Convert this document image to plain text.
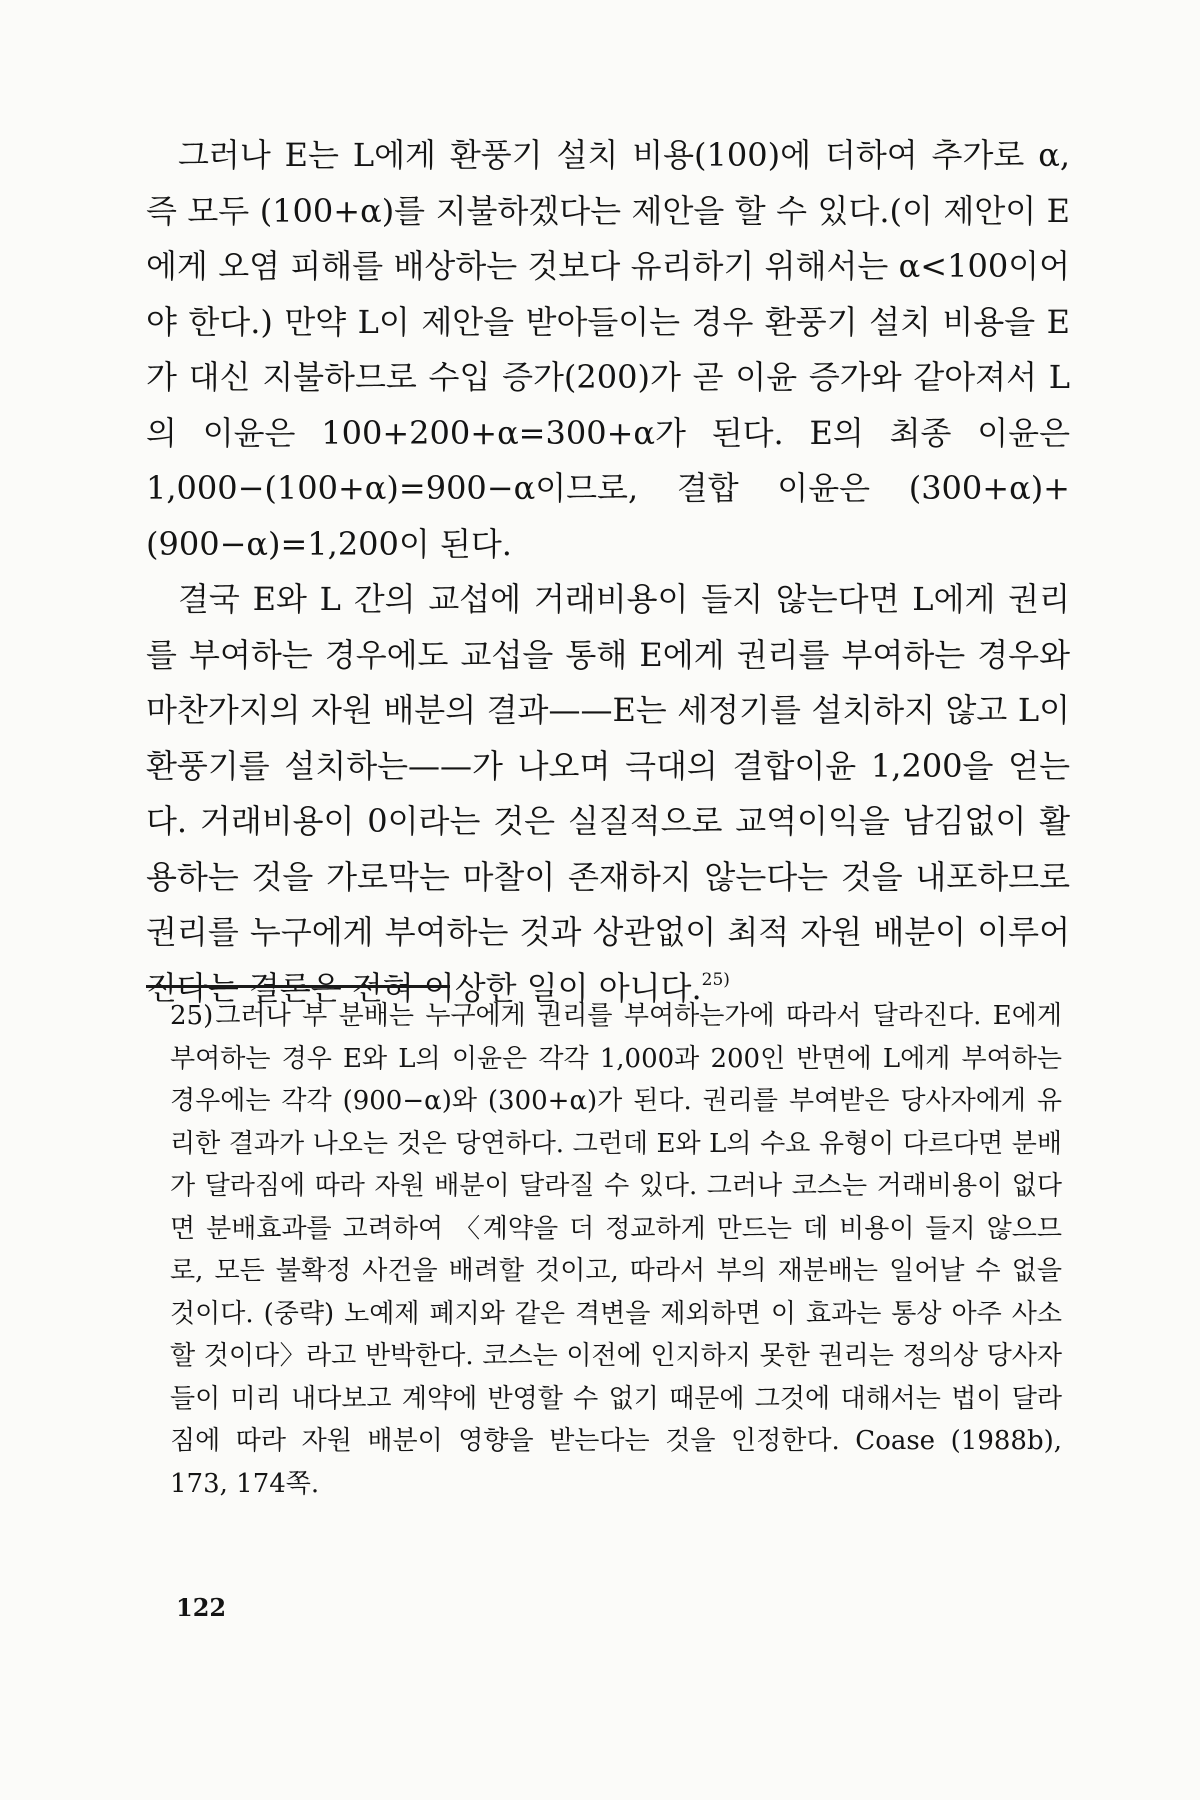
그러나 E는 L에게 환풍기 설치 비용(100)에 더하여 추가로 α, 즉 모두 (100+α)를 지불하겠다는 제안을 할 수 있다.(이 제안이 E에게 오염 피해를 배상하는 것보다 유리하기 위해서는 α<100이어야 한다.) 만약 L이 제안을 받아들이는 경우 환풍기 설치 비용을 E가 대신 지불하므로 수입 증가(200)가 곧 이윤 증가와 같아져서 L의 이윤은 100+200+α=300+α가 된다. E의 최종 이윤은 1,000−(100+α)=900−α이므로, 결합 이윤은 (300+α)+(900−α)=1,200이 된다.

결국 E와 L 간의 교섭에 거래비용이 들지 않는다면 L에게 권리를 부여하는 경우에도 교섭을 통해 E에게 권리를 부여하는 경우와 마찬가지의 자원 배분의 결과——E는 세정기를 설치하지 않고 L이 환풍기를 설치하는——가 나오며 극대의 결합이윤 1,200을 얻는다. 거래비용이 0이라는 것은 실질적으로 교역이익을 남김없이 활용하는 것을 가로막는 마찰이 존재하지 않는다는 것을 내포하므로 권리를 누구에게 부여하는 것과 상관없이 최적 자원 배분이 이루어진다는 결론은 전혀 이상한 일이 아니다.$^{25)}$

25) 그러나 부 분배는 누구에게 권리를 부여하는가에 따라서 달라진다. E에게 부여하는 경우 E와 L의 이윤은 각각 1,000과 200인 반면에 L에게 부여하는 경우에는 각각 (900−α)와 (300+α)가 된다. 권리를 부여받은 당사자에게 유리한 결과가 나오는 것은 당연하다. 그런데 E와 L의 수요 유형이 다르다면 분배가 달라짐에 따라 자원 배분이 달라질 수 있다. 그러나 코스는 거래비용이 없다면 분배효과를 고려하여 〈계약을 더 정교하게 만드는 데 비용이 들지 않으므로, 모든 불확정 사건을 배려할 것이고, 따라서 부의 재분배는 일어날 수 없을 것이다. (중략) 노예제 폐지와 같은 격변을 제외하면 이 효과는 통상 아주 사소할 것이다〉라고 반박한다. 코스는 이전에 인지하지 못한 권리는 정의상 당사자들이 미리 내다보고 계약에 반영할 수 없기 때문에 그것에 대해서는 법이 달라짐에 따라 자원 배분이 영향을 받는다는 것을 인정한다. Coase (1988b), 173, 174쪽.
122
